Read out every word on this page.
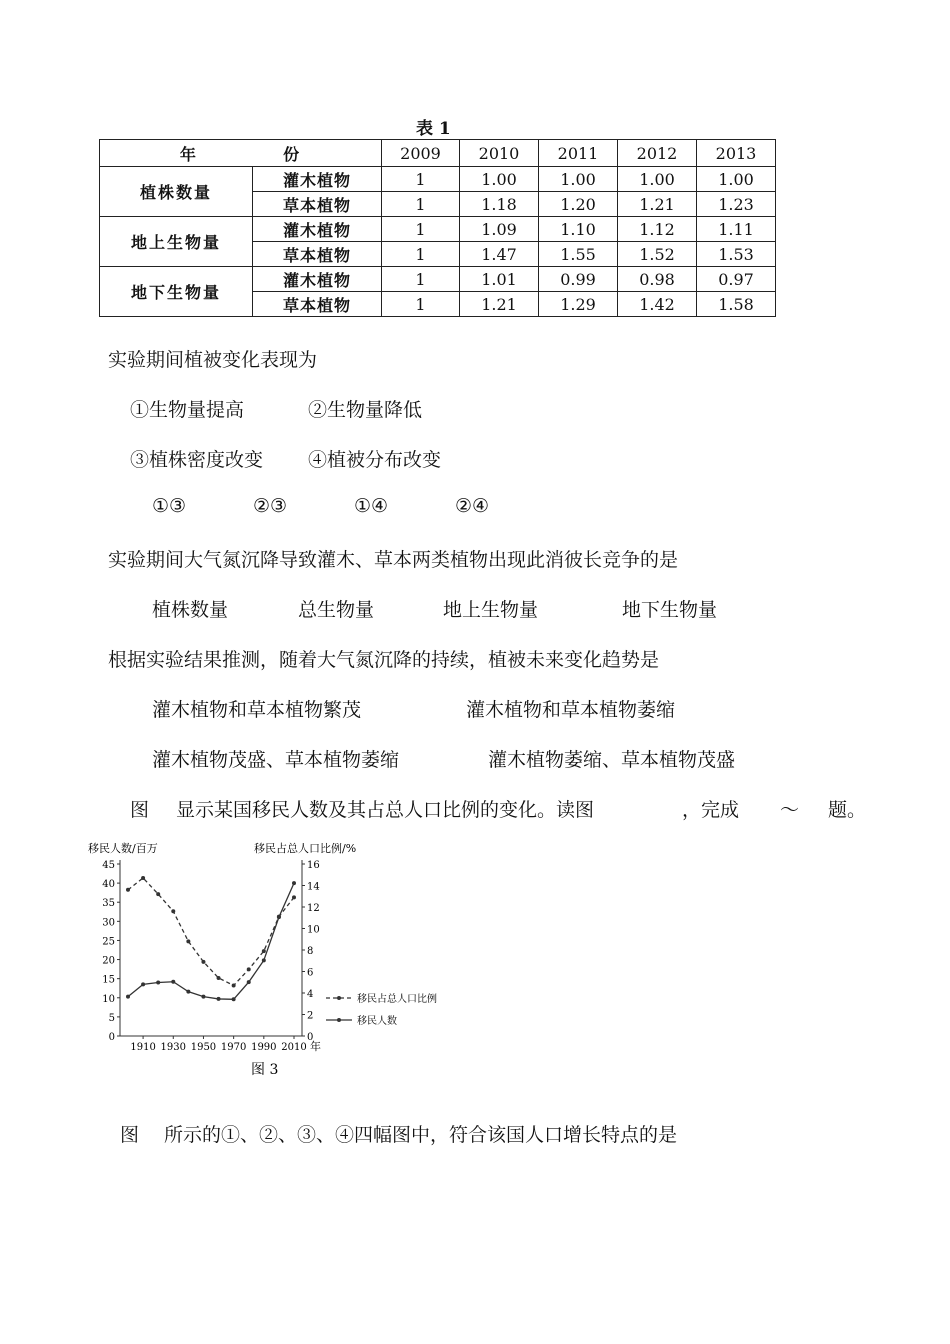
表 1
年 份		2009	2010	2011	2012	2013
植株数量	灌木植物	1	1.00	1.00	1.00	1.00
	草本植物	1	1.18	1.20	1.21	1.23
地上生物量	灌木植物	1	1.09	1.10	1.12	1.11
	草本植物	1	1.47	1.55	1.52	1.53
地下生物量	灌木植物	1	1.01	0.99	0.98	0.97
	草本植物	1	1.21	1.29	1.42	1.58
实验期间植被变化表现为
①生物量提高	②生物量降低
③植株密度改变 ④植被分布改变
①③	②③	①④	②④
实验期间大气氮沉降导致灌木、草本两类植物出现此消彼长竞争的是
植株数量	总生物量	地上生物量	地下生物量
根据实验结果推测，随着大气氮沉降的持续，植被未来变化趋势是
灌木植物和草本植物繁茂	灌木植物和草本植物萎缩
灌木植物茂盛、草本植物萎缩	灌木植物萎缩、草本植物茂盛
图 显示某国移民人数及其占总人口比例的变化。读图	，完成 ～ 题。
移民人数/百万	移民占总人口比例/%
0
5
10
15
20
25
30
35
40
45
0
2
4
6
8
10
12
14
16
1910 1930 1950 1970 1990 2010 年
移民占总人口比例
移民人数
图 3
图 所示的①、②、③、④四幅图中，符合该国人口增长特点的是
